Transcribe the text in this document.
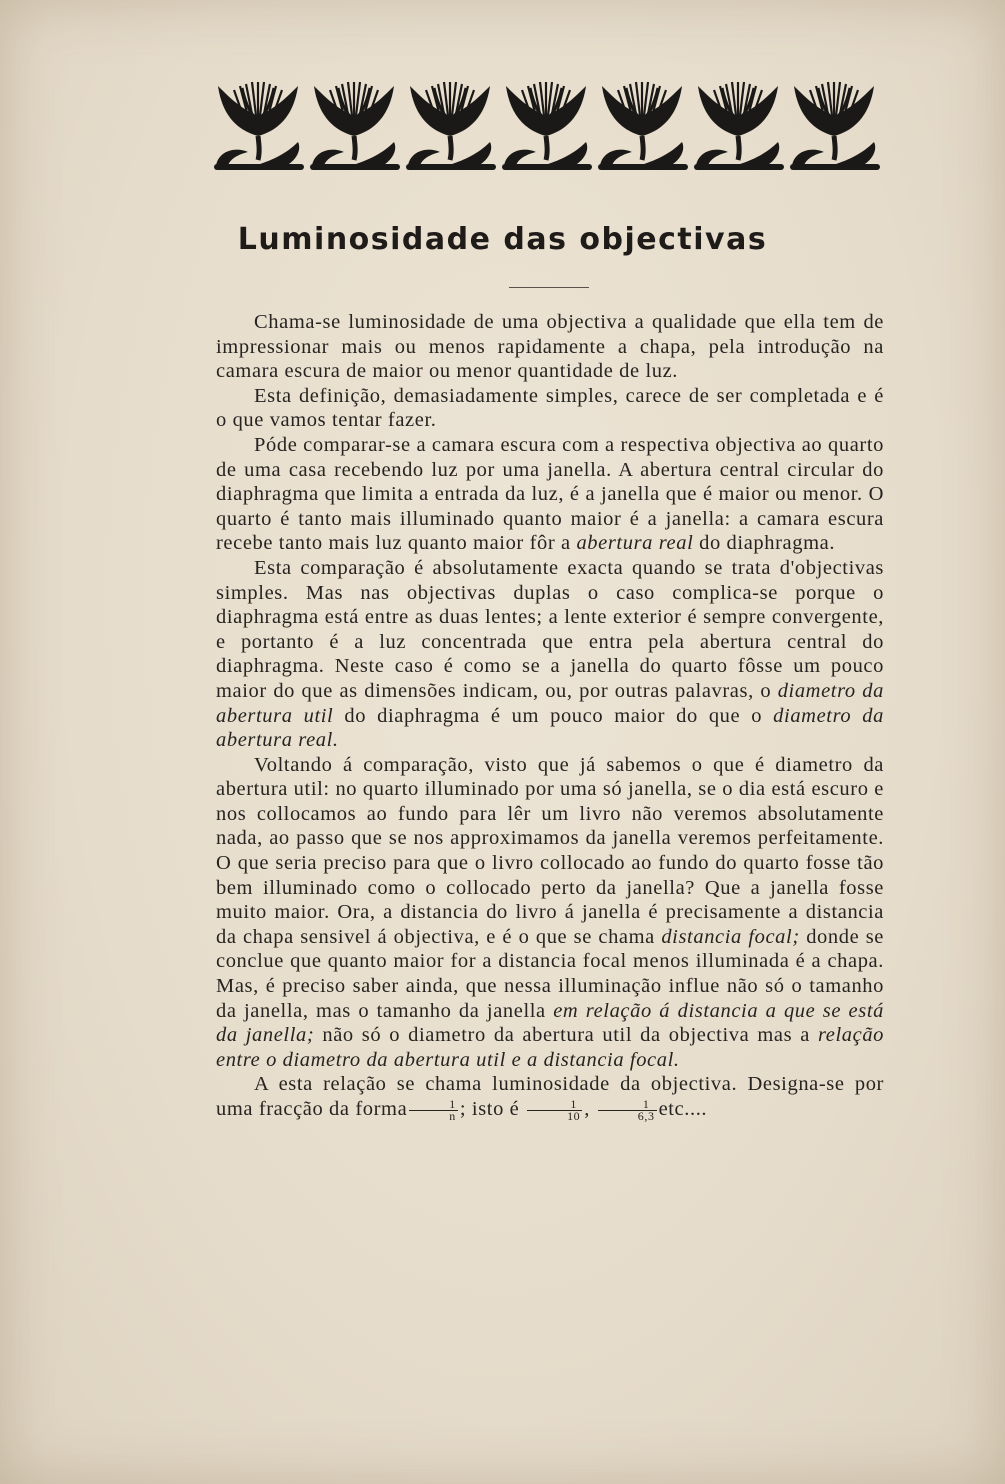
Luminosidade das objectivas

Chama-se luminosidade de uma objectiva a qualidade que ella tem de impressionar mais ou menos rapidamente a chapa, pela introdução na camara escura de maior ou menor quantidade de luz.

Esta definição, demasiadamente simples, carece de ser completada e é o que vamos tentar fazer.

Póde comparar-se a camara escura com a respectiva objectiva ao quarto de uma casa recebendo luz por uma janella. A abertura central circular do diaphragma que limita a entrada da luz, é a janella que é maior ou menor. O quarto é tanto mais illuminado quanto maior é a janella: a camara escura recebe tanto mais luz quanto maior fôr a abertura real do diaphragma.

Esta comparação é absolutamente exacta quando se trata d'objectivas simples. Mas nas objectivas duplas o caso complica-se porque o diaphragma está entre as duas lentes; a lente exterior é sempre convergente, e portanto é a luz concentrada que entra pela abertura central do diaphragma. Neste caso é como se a janella do quarto fôsse um pouco maior do que as dimensões indicam, ou, por outras palavras, o diametro da abertura util do diaphragma é um pouco maior do que o diametro da abertura real.

Voltando á comparação, visto que já sabemos o que é diametro da abertura util: no quarto illuminado por uma só janella, se o dia está escuro e nos collocamos ao fundo para lêr um livro não veremos absolutamente nada, ao passo que se nos approximamos da janella veremos perfeitamente. O que seria preciso para que o livro collocado ao fundo do quarto fosse tão bem illuminado como o collocado perto da janella? Que a janella fosse muito maior. Ora, a distancia do livro á janella é precisamente a distancia da chapa sensivel á objectiva, e é o que se chama distancia focal; donde se conclue que quanto maior for a distancia focal menos illuminada é a chapa. Mas, é preciso saber ainda, que nessa illuminação influe não só o tamanho da janella, mas o tamanho da janella em relação á distancia a que se está da janella; não só o diametro da abertura util da objectiva mas a relação entre o diametro da abertura util e a distancia focal.

A esta relação se chama luminosidade da objectiva. Designa-se por uma fracção da forma $\frac{1}{n}$ ; isto é $\frac{1}{10}$ , $\frac{1}{6,3}$ etc....
